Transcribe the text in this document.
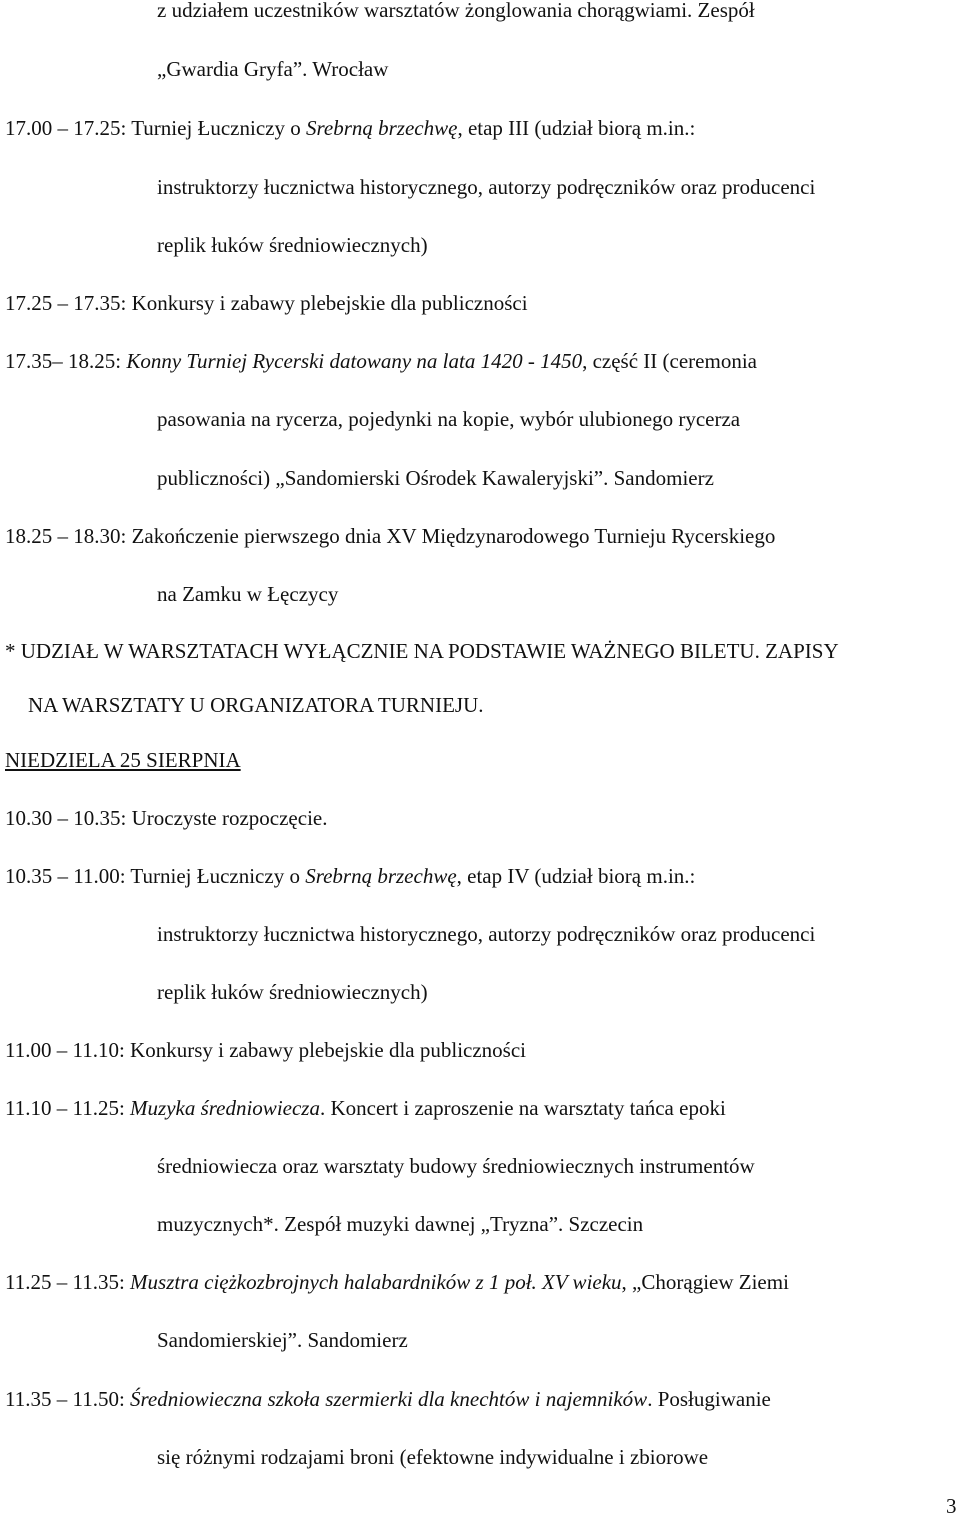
z udziałem uczestników warsztatów żonglowania chorągwiami. Zespół
„Gwardia Gryfa”. Wrocław
17.00 – 17.25: Turniej Łuczniczy o Srebrną brzechwę, etap III (udział biorą m.in.:
instruktorzy łucznictwa historycznego, autorzy podręczników oraz producenci
replik łuków średniowiecznych)
17.25 – 17.35: Konkursy i zabawy plebejskie dla publiczności
17.35– 18.25: Konny Turniej Rycerski datowany na lata 1420 - 1450, część II (ceremonia
pasowania na rycerza, pojedynki na kopie, wybór ulubionego rycerza
publiczności) „Sandomierski Ośrodek Kawaleryjski”. Sandomierz
18.25 – 18.30: Zakończenie pierwszego dnia XV Międzynarodowego Turnieju Rycerskiego
na Zamku w Łęczycy
* UDZIAŁ W WARSZTATACH WYŁĄCZNIE NA PODSTAWIE WAŻNEGO BILETU. ZAPISY
NA WARSZTATY U ORGANIZATORA TURNIEJU.
NIEDZIELA 25 SIERPNIA
10.30 – 10.35: Uroczyste rozpoczęcie.
10.35 – 11.00: Turniej Łuczniczy o Srebrną brzechwę, etap IV (udział biorą m.in.:
instruktorzy łucznictwa historycznego, autorzy podręczników oraz producenci
replik łuków średniowiecznych)
11.00 – 11.10: Konkursy i zabawy plebejskie dla publiczności
11.10 – 11.25: Muzyka średniowiecza. Koncert i zaproszenie na warsztaty tańca epoki
średniowiecza oraz warsztaty budowy średniowiecznych instrumentów
muzycznych*. Zespół muzyki dawnej „Tryzna”. Szczecin
11.25 – 11.35: Musztra ciężkozbrojnych halabardników z 1 poł. XV wieku, „Chorągiew Ziemi
Sandomierskiej”. Sandomierz
11.35 – 11.50: Średniowieczna szkoła szermierki dla knechtów i najemników. Posługiwanie
się różnymi rodzajami broni (efektowne indywidualne i zbiorowe
3
